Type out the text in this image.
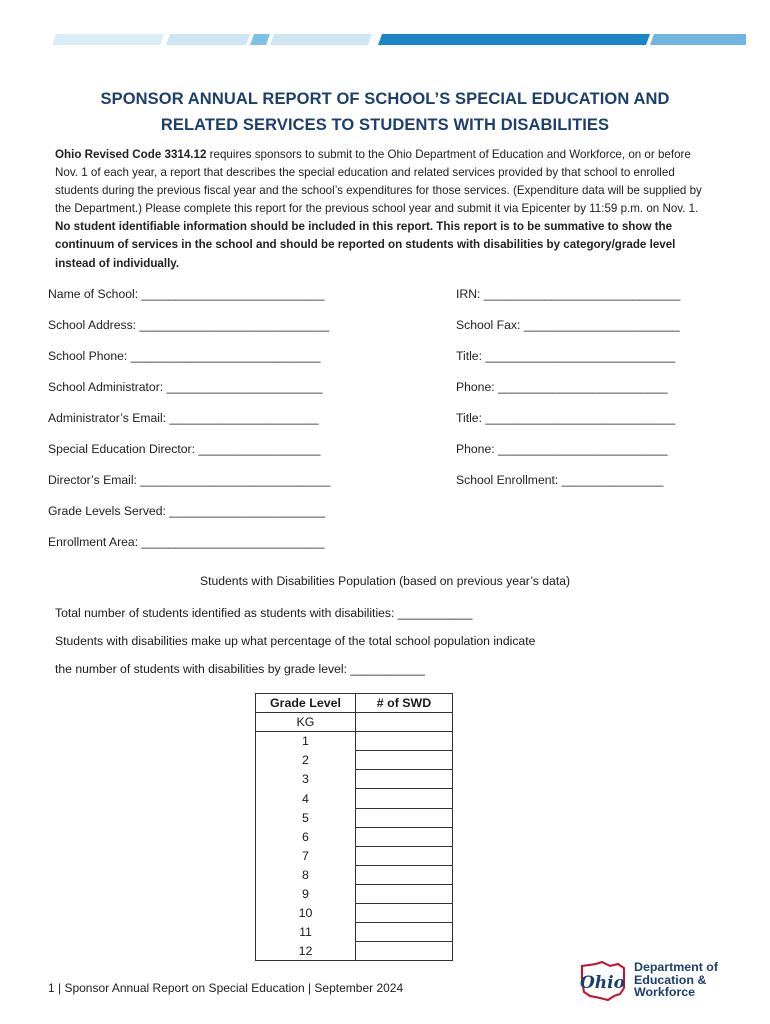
SPONSOR ANNUAL REPORT OF SCHOOL’S SPECIAL EDUCATION AND
RELATED SERVICES TO STUDENTS WITH DISABILITIES
Ohio Revised Code 3314.12 requires sponsors to submit to the Ohio Department of Education and Workforce, on or before Nov. 1 of each year, a report that describes the special education and related services provided by that school to enrolled students during the previous fiscal year and the school’s expenditures for those services. (Expenditure data will be supplied by the Department.) Please complete this report for the previous school year and submit it via Epicenter by 11:59 p.m. on Nov. 1. No student identifiable information should be included in this report. This report is to be summative to show the continuum of services in the school and should be reported on students with disabilities by category/grade level instead of individually.
Name of School: ___________________________	IRN: _____________________________
School Address: ____________________________	School Fax: _______________________
School Phone: ____________________________	Title: ____________________________
School Administrator: _______________________	Phone: _________________________
Administrator’s Email: ______________________	Title: ____________________________
Special Education Director: __________________	Phone: _________________________
Director’s Email: ____________________________	School Enrollment: _______________
Grade Levels Served: _______________________
Enrollment Area: ___________________________
Students with Disabilities Population (based on previous year’s data)
Total number of students identified as students with disabilities: ___________
Students with disabilities make up what percentage of the total school population indicate
the number of students with disabilities by grade level: ___________
Grade Level	# of SWD
KG	
1	
2	
3	
4	
5	
6	
7	
8	
9	
10	
11	
12	
1 | Sponsor Annual Report on Special Education | September 2024	Ohio
Department of
Education &
Workforce
